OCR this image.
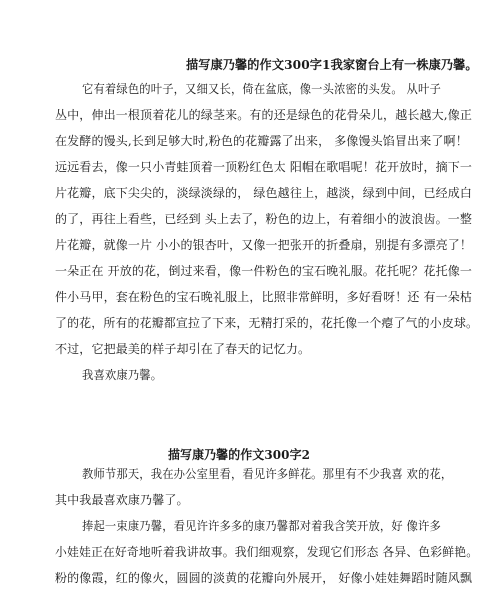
描写康乃馨的作文300字1我家窗台上有一株康乃馨。
它有着绿色的叶子，又细又长，倚在盆底，像一头浓密的头发。 从叶子
丛中，伸出一根顶着花儿的绿茎来。有的还是绿色的花骨朵儿，越长越大,像正
在发酵的馒头,长到足够大时,粉色的花瓣露了出来， 多像馒头馅冒出来了啊！
远远看去，像一只小青蛙顶着一顶粉红色太 阳帽在歌唱呢！花开放时，摘下一
片花瓣，底下尖尖的，淡绿淡绿的， 绿色越往上，越淡，绿到中间，已经成白
的了，再往上看些，已经到 头上去了，粉色的边上，有着细小的波浪齿。一整
片花瓣，就像一片 小小的银杏叶，又像一把张开的折叠扇，别提有多漂亮了！
一朵正在 开放的花，倒过来看，像一件粉色的宝石晚礼服。花托呢？花托像一
件小马甲，套在粉色的宝石晚礼服上，比照非常鲜明，多好看呀！还 有一朵枯
了的花，所有的花瓣都宣拉了下来，无精打采的，花托像一个瘪了气的小皮球。
不过，它把最美的样子却引在了春天的记忆力。
我喜欢康乃馨。
描写康乃馨的作文300字2
教师节那天，我在办公室里看，看见许多鲜花。那里有不少我喜 欢的花，
其中我最喜欢康乃馨了。
捧起一束康乃馨，看见许许多多的康乃馨都对着我含笑开放，好 像许多
小娃娃正在好奇地听着我讲故事。我们细观察，发现它们形态 各异、色彩鲜艳。
粉的像霞，红的像火，圆圆的淡黄的花瓣向外展开， 好像小娃娃舞蹈时随风飘
